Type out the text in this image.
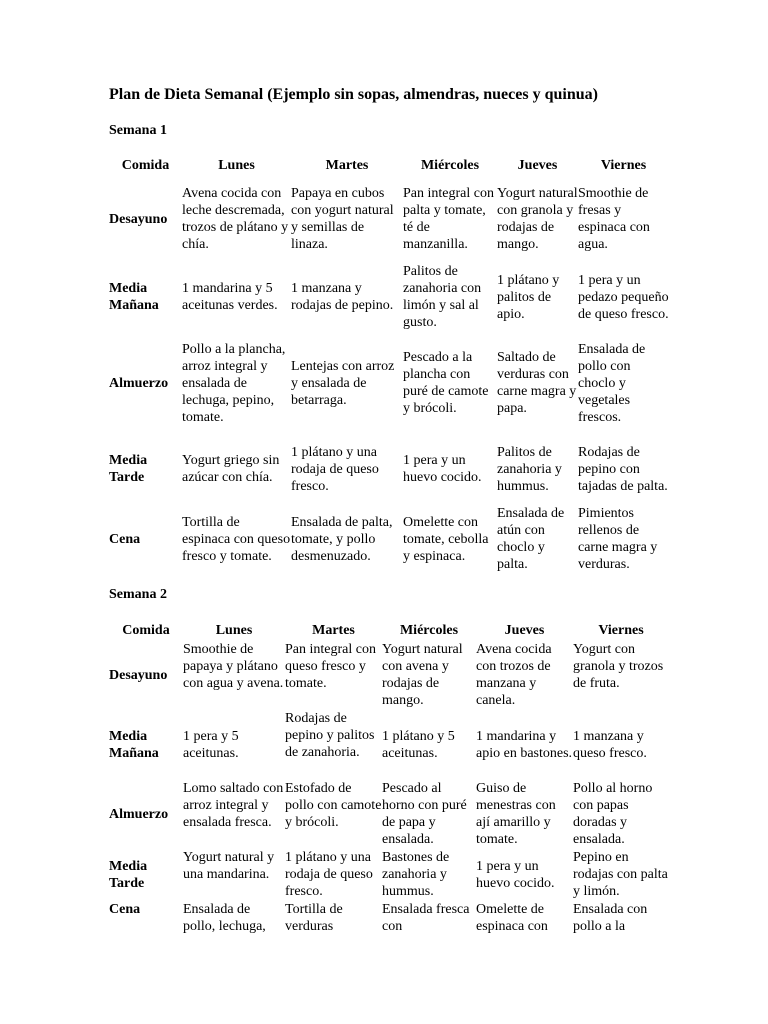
Plan de Dieta Semanal (Ejemplo sin sopas, almendras, nueces y quinua)
Semana 1
Comida	Lunes	Martes	Miércoles	Jueves	Viernes
Desayuno	Avena cocida con leche descremada, trozos de plátano y chía.	Papaya en cubos con yogurt natural y semillas de linaza.	Pan integral con palta y tomate, té de manzanilla.	Yogurt natural con granola y rodajas de mango.	Smoothie de fresas y espinaca con agua.
Media Mañana	1 mandarina y 5 aceitunas verdes.	1 manzana y rodajas de pepino.	Palitos de zanahoria con limón y sal al gusto.	1 plátano y palitos de apio.	1 pera y un pedazo pequeño de queso fresco.
Almuerzo	Pollo a la plancha, arroz integral y ensalada de lechuga, pepino, tomate.	Lentejas con arroz y ensalada de betarraga.	Pescado a la plancha con puré de camote y brócoli.	Saltado de verduras con carne magra y papa.	Ensalada de pollo con choclo y vegetales frescos.
Media Tarde	Yogurt griego sin azúcar con chía.	1 plátano y una rodaja de queso fresco.	1 pera y un huevo cocido.	Palitos de zanahoria y hummus.	Rodajas de pepino con tajadas de palta.
Cena	Tortilla de espinaca con queso fresco y tomate.	Ensalada de palta, tomate, y pollo desmenuzado.	Omelette con tomate, cebolla y espinaca.	Ensalada de atún con choclo y palta.	Pimientos rellenos de carne magra y verduras.
Semana 2
Comida	Lunes	Martes	Miércoles	Jueves	Viernes
Desayuno	Smoothie de papaya y plátano con agua y avena.	Pan integral con queso fresco y tomate.	Yogurt natural con avena y rodajas de mango.	Avena cocida con trozos de manzana y canela.	Yogurt con granola y trozos de fruta.
Media Mañana	1 pera y 5 aceitunas.	Rodajas de pepino y palitos de zanahoria.	1 plátano y 5 aceitunas.	1 mandarina y apio en bastones.	1 manzana y queso fresco.
Almuerzo	Lomo saltado con arroz integral y ensalada fresca.	Estofado de pollo con camote y brócoli.	Pescado al horno con puré de papa y ensalada.	Guiso de menestras con ají amarillo y tomate.	Pollo al horno con papas doradas y ensalada.
Media Tarde	Yogurt natural y una mandarina.	1 plátano y una rodaja de queso fresco.	Bastones de zanahoria y hummus.	1 pera y un huevo cocido.	Pepino en rodajas con palta y limón.
Cena	Ensalada de pollo, lechuga,	Tortilla de verduras	Ensalada fresca con	Omelette de espinaca con	Ensalada con pollo a la
